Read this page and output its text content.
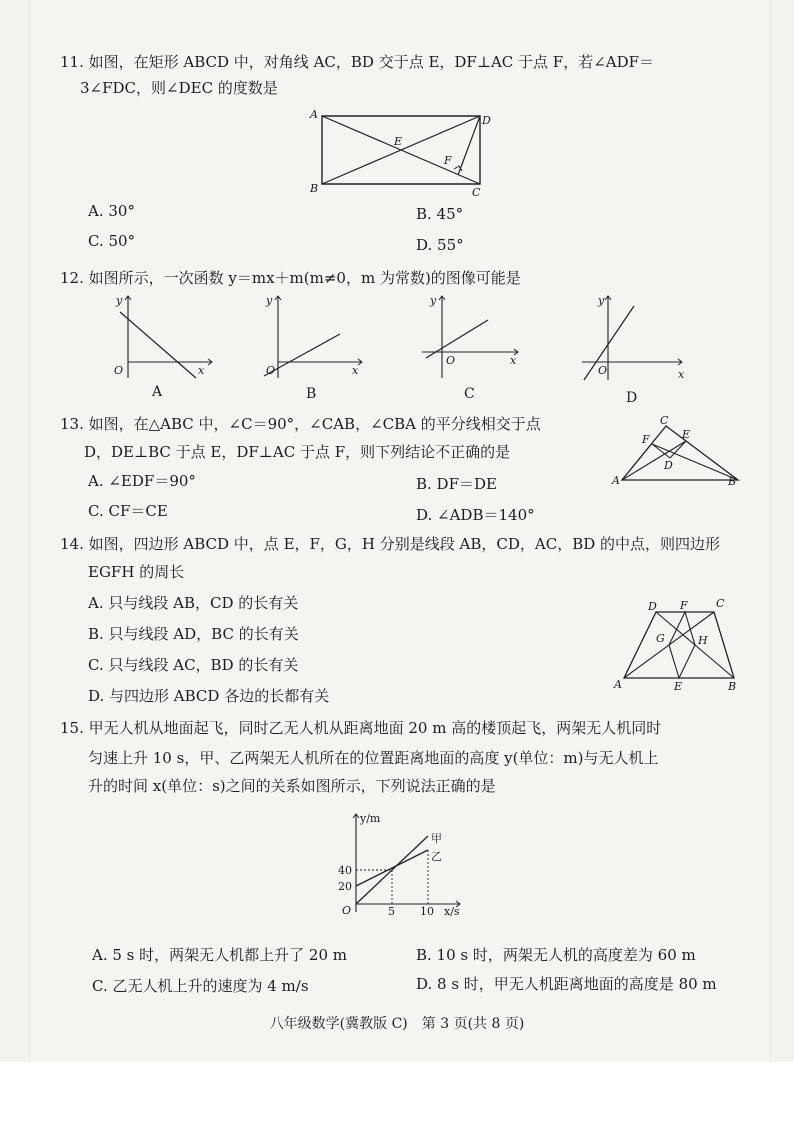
11. 如图，在矩形 ABCD 中，对角线 AC，BD 交于点 E，DF⊥AC 于点 F，若∠ADF＝
3∠FDC，则∠DEC 的度数是
A	D
B	C
E
F
A. 30°	B. 45°
C. 50°	D. 55°
12. 如图所示，一次函数 y＝mx＋m(m≠0，m 为常数)的图像可能是
y
x
O
y
x
O
y
x
O
y
x
O
A	B	C	D
13. 如图，在△ABC 中，∠C＝90°，∠CAB，∠CBA 的平分线相交于点
D，DE⊥BC 于点 E，DF⊥AC 于点 F，则下列结论不正确的是
C
E
F
D
A	B
A. ∠EDF＝90°	B. DF＝DE
C. CF＝CE	D. ∠ADB＝140°
14. 如图，四边形 ABCD 中，点 E，F，G，H 分别是线段 AB，CD，AC，BD 的中点，则四边形
EGFH 的周长
A. 只与线段 AB，CD 的长有关
B. 只与线段 AD，BC 的长有关
C. 只与线段 AC，BD 的长有关
D. 与四边形 ABCD 各边的长都有关
D F	C
G	H
A	E	B
15. 甲无人机从地面起飞，同时乙无人机从距离地面 20 m 高的楼顶起飞，两架无人机同时
匀速上升 10 s，甲、乙两架无人机所在的位置距离地面的高度 y(单位：m)与无人机上
升的时间 x(单位：s)之间的关系如图所示，下列说法正确的是
y/m
x/s
O
40
20
5 10
甲
乙
A. 5 s 时，两架无人机都上升了 20 m	B. 10 s 时，两架无人机的高度差为 60 m
C. 乙无人机上升的速度为 4 m/s	D. 8 s 时，甲无人机距离地面的高度是 80 m
八年级数学(冀教版 C)　第 3 页(共 8 页)
